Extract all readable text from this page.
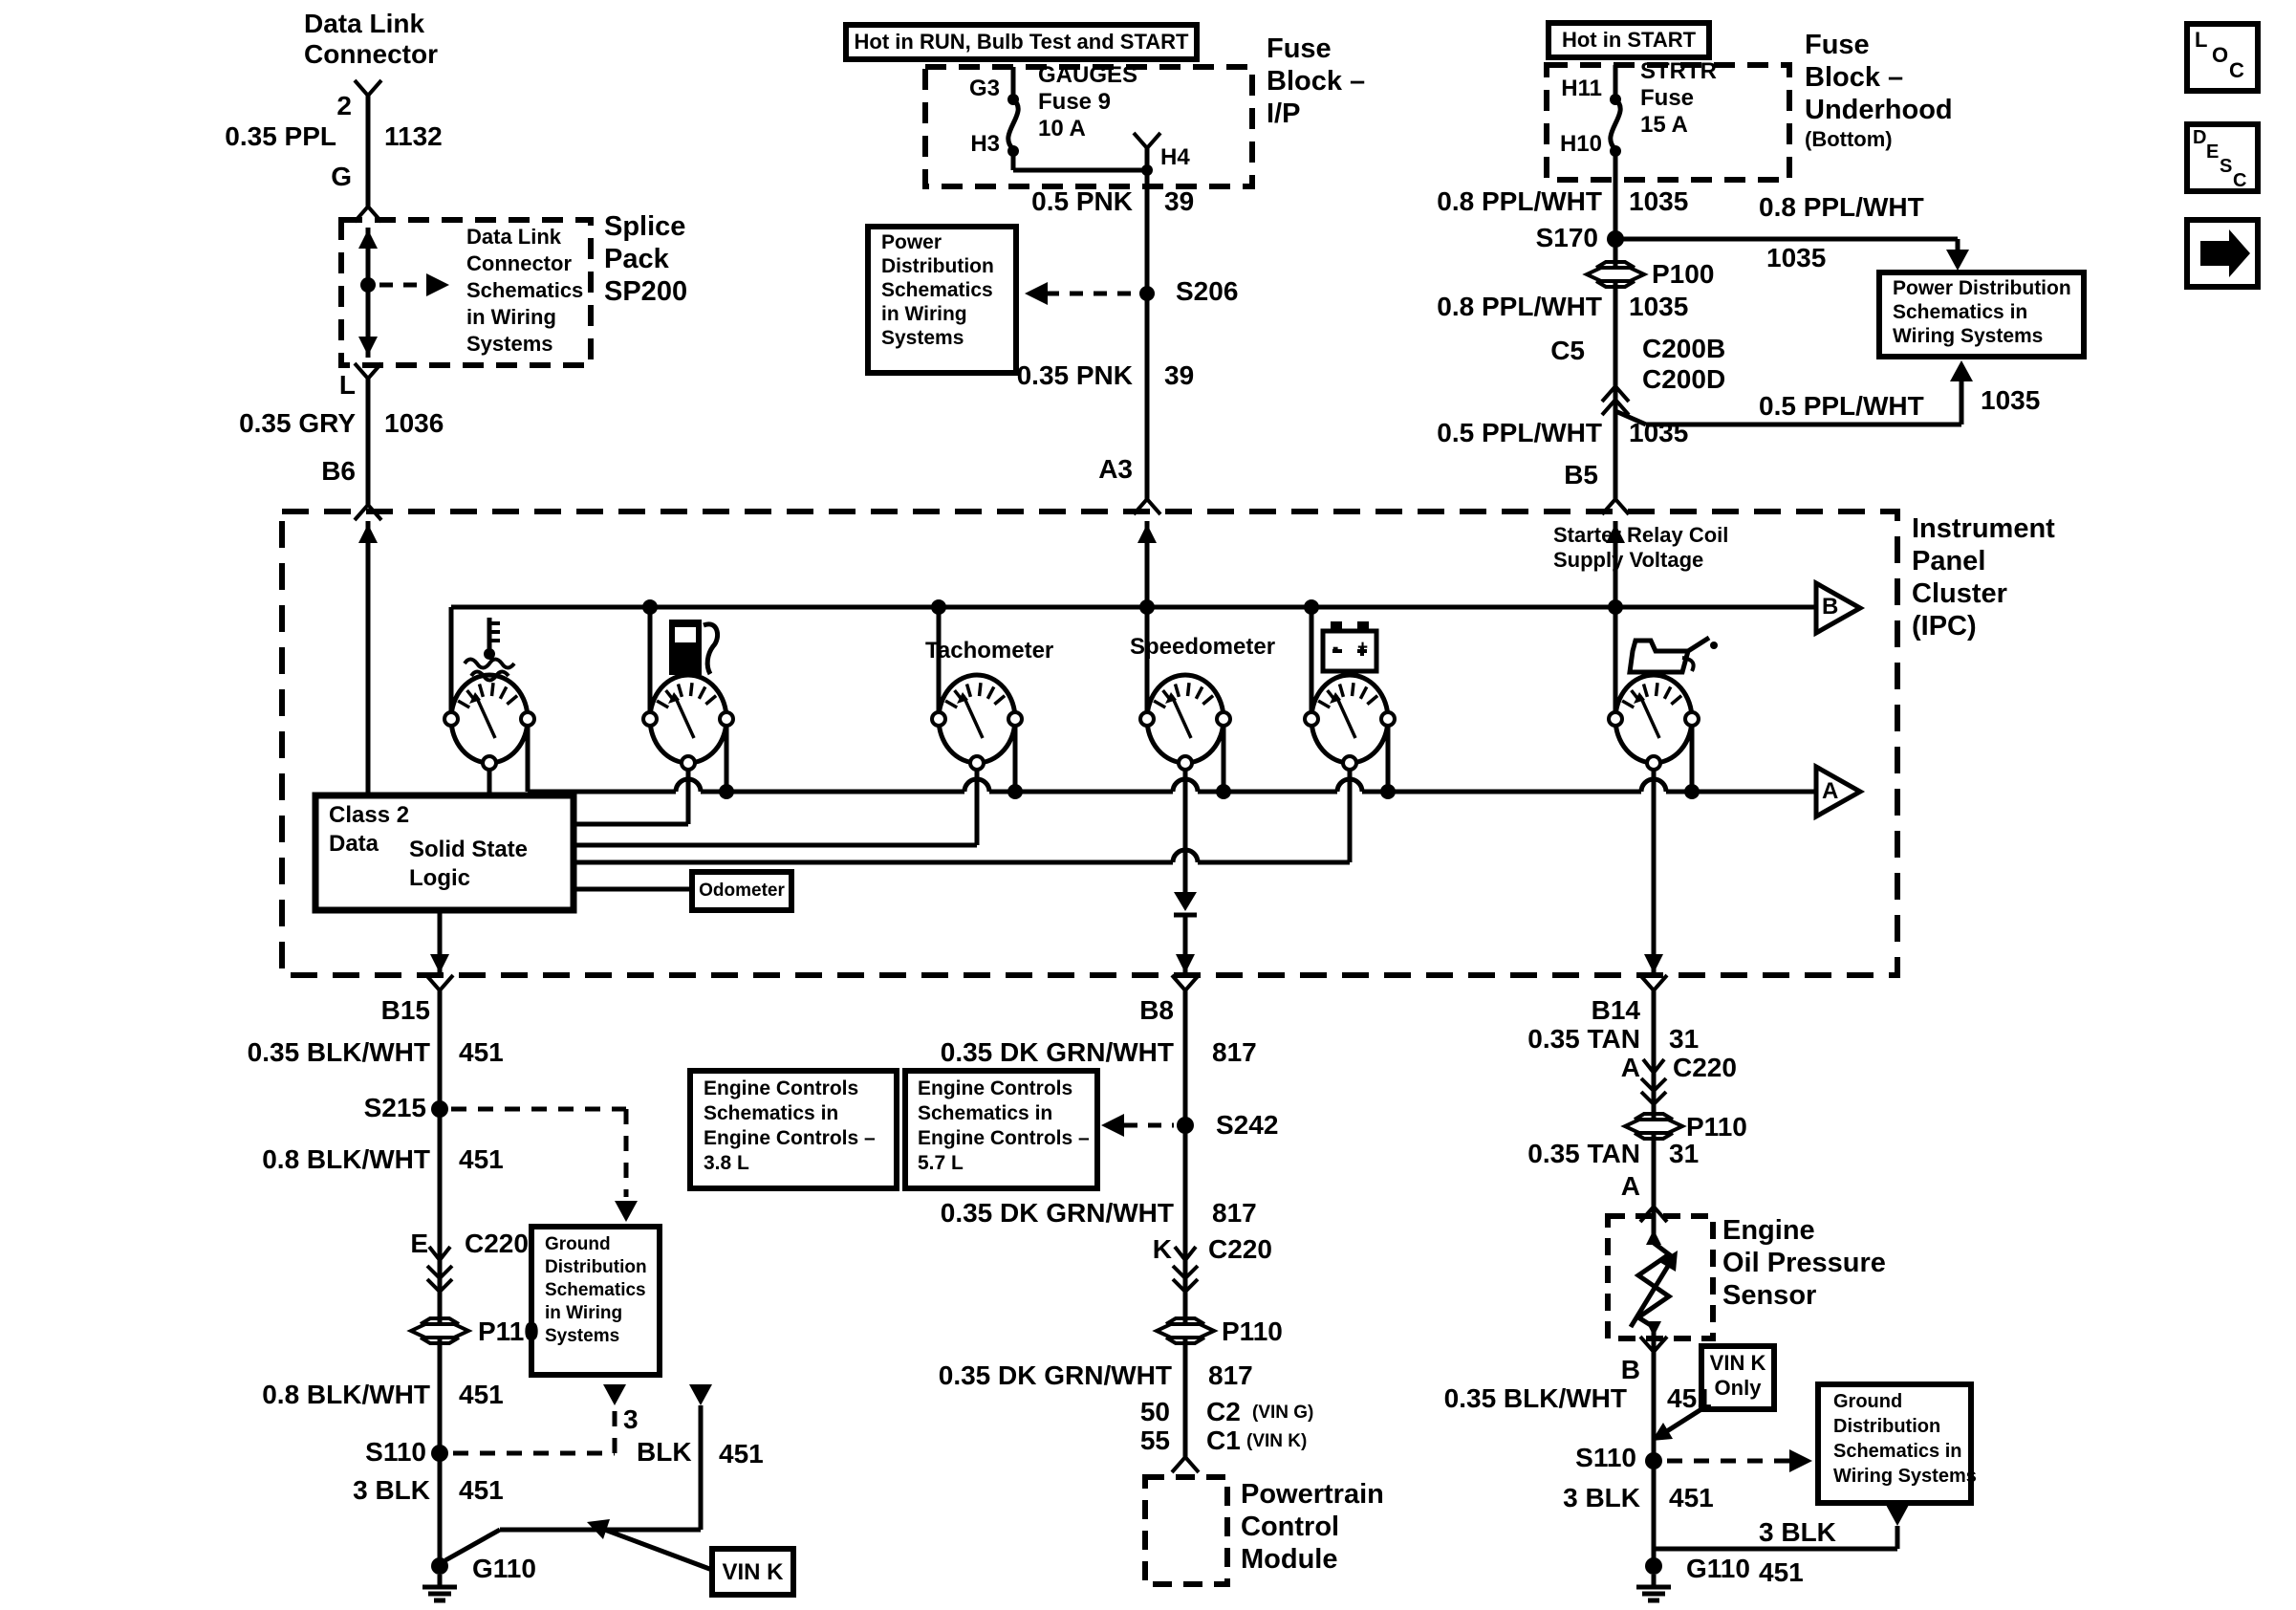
Data Link
Connector
2
0.35 PPL 1132
G
Data Link
Connector
Schematics
in Wiring
Systems
Splice
Pack
SP200
L
0.35 GRY 1036
B6
Hot in RUN, Bulb Test and START
G3
H3
GAUGES
Fuse 9
10 A
H4
Fuse
Block –
I/P
0.5 PNK 39
S206
Power
Distribution
Schematics
in Wiring
Systems
0.35 PNK 39
A3
Hot in START
H11
H10
STRTR
Fuse
15 A
Fuse
Block –
Underhood
(Bottom)
0.8 PPL/WHT 1035
S170
0.8 PPL/WHT
1035
Power Distribution
Schematics in
Wiring Systems
P100
0.8 PPL/WHT 1035
C5 C200B
C200D
0.5 PPL/WHT 1035
0.5 PPL/WHT 1035
B5
L
O
C
D
E
S
C
Instrument
Panel
Cluster
(IPC)
Starter Relay Coil
Supply Voltage
Tachometer	Speedometer
Class 2
Data Solid State
Logic	Odometer
B
A
B15
0.35 BLK/WHT 451
S215
0.8 BLK/WHT 451
E C220
P110
0.8 BLK/WHT 451
S110
3
BLK 451
3 BLK 451
G110
Ground
Distribution
Schematics
in Wiring
Systems
VIN K
B8
0.35 DK GRN/WHT 817
Engine Controls
Schematics in
Engine Controls –
3.8 L
Engine Controls
Schematics in
Engine Controls –
5.7 L
S242
0.35 DK GRN/WHT 817
K C220
P110
0.35 DK GRN/WHT 817
50 C2 (VIN G)
55 C1 (VIN K)
Powertrain
Control
Module
B14
0.35 TAN 31
A C220
P110
0.35 TAN 31
A
Engine
Oil Pressure
Sensor
B
0.35 BLK/WHT 451
VIN K
Only
S110
Ground
Distribution
Schematics in
Wiring Systems
3 BLK 451
G110
3 BLK
451
- +
